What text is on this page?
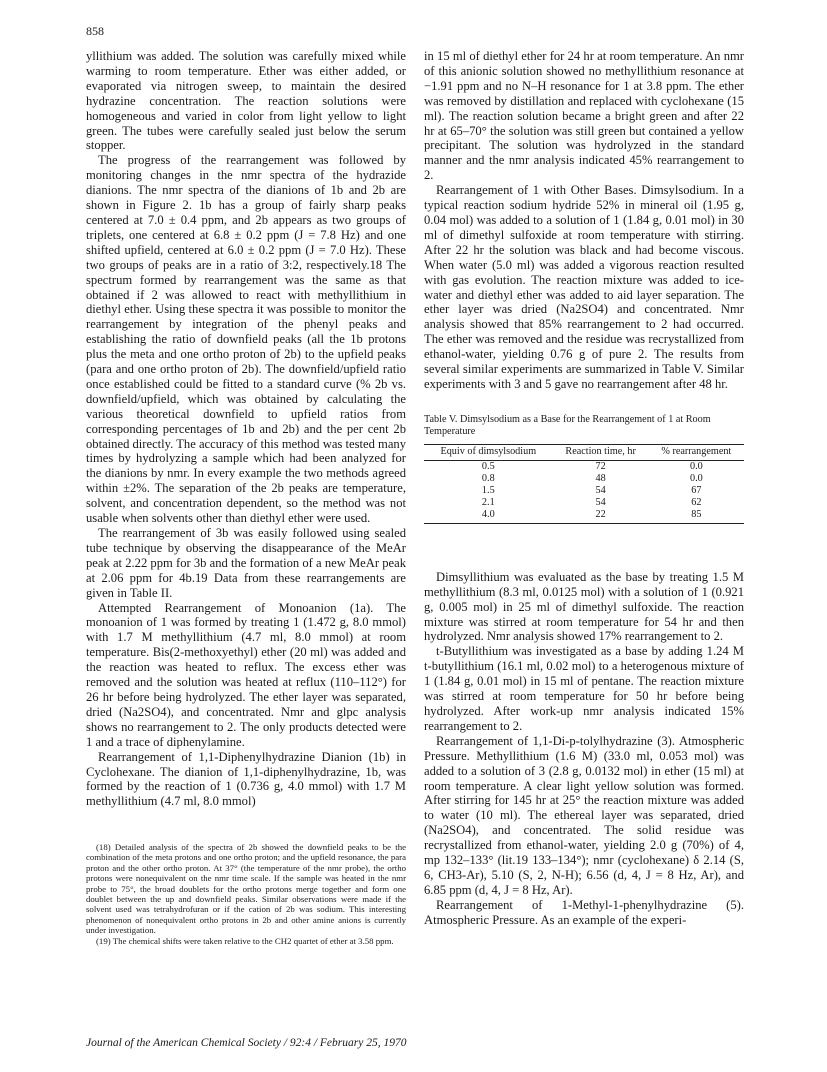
858

yllithium was added. The solution was carefully mixed while warming to room temperature. Ether was either added, or evaporated via nitrogen sweep, to maintain the desired hydrazine concentration. The reaction solutions were homogeneous and varied in color from light yellow to light green. The tubes were carefully sealed just below the serum stopper.

The progress of the rearrangement was followed by monitoring changes in the nmr spectra of the hydrazide dianions. The nmr spectra of the dianions of 1b and 2b are shown in Figure 2. 1b has a group of fairly sharp peaks centered at 7.0 ± 0.4 ppm, and 2b appears as two groups of triplets, one centered at 6.8 ± 0.2 ppm (J = 7.8 Hz) and one shifted upfield, centered at 6.0 ± 0.2 ppm (J = 7.0 Hz). These two groups of peaks are in a ratio of 3:2, respectively.18 The spectrum formed by rearrangement was the same as that obtained if 2 was allowed to react with methyllithium in diethyl ether. Using these spectra it was possible to monitor the rearrangement by integration of the phenyl peaks and establishing the ratio of downfield peaks (all the 1b protons plus the meta and one ortho proton of 2b) to the upfield peaks (para and one ortho proton of 2b). The downfield/upfield ratio once established could be fitted to a standard curve (% 2b vs. downfield/upfield, which was obtained by calculating the various theoretical downfield to upfield ratios from corresponding percentages of 1b and 2b) and the per cent 2b obtained directly. The accuracy of this method was tested many times by hydrolyzing a sample which had been analyzed for the dianions by nmr. In every example the two methods agreed within ±2%. The separation of the 2b peaks are temperature, solvent, and concentration dependent, so the method was not usable when solvents other than diethyl ether were used.

The rearrangement of 3b was easily followed using sealed tube technique by observing the disappearance of the MeAr peak at 2.22 ppm for 3b and the formation of a new MeAr peak at 2.06 ppm for 4b.19 Data from these rearrangements are given in Table II.

Attempted Rearrangement of Monoanion (1a). The monoanion of 1 was formed by treating 1 (1.472 g, 8.0 mmol) with 1.7 M methyllithium (4.7 ml, 8.0 mmol) at room temperature. Bis(2-methoxyethyl) ether (20 ml) was added and the reaction was heated to reflux. The excess ether was removed and the solution was heated at reflux (110–112°) for 26 hr before being hydrolyzed. The ether layer was separated, dried (Na2SO4), and concentrated. Nmr and glpc analysis shows no rearrangement to 2. The only products detected were 1 and a trace of diphenylamine.

Rearrangement of 1,1-Diphenylhydrazine Dianion (1b) in Cyclohexane. The dianion of 1,1-diphenylhydrazine, 1b, was formed by the reaction of 1 (0.736 g, 4.0 mmol) with 1.7 M methyllithium (4.7 ml, 8.0 mmol)

(18) Detailed analysis of the spectra of 2b showed the downfield peaks to be the combination of the meta protons and one ortho proton; and the upfield resonance, the para proton and the other ortho proton. At 37° (the temperature of the nmr probe), the ortho protons were nonequivalent on the nmr time scale. If the sample was heated in the nmr probe to 75°, the broad doublets for the ortho protons merge together and form one doublet between the up and downfield peaks. Similar observations were made if the solvent used was tetrahydrofuran or if the cation of 2b was sodium. This interesting phenomenon of nonequivalent ortho protons in 2b and other amine anions is currently under investigation.

(19) The chemical shifts were taken relative to the CH2 quartet of ether at 3.58 ppm.

in 15 ml of diethyl ether for 24 hr at room temperature. An nmr of this anionic solution showed no methyllithium resonance at −1.91 ppm and no N–H resonance for 1 at 3.8 ppm. The ether was removed by distillation and replaced with cyclohexane (15 ml). The reaction solution became a bright green and after 22 hr at 65–70° the solution was still green but contained a yellow precipitant. The solution was hydrolyzed in the standard manner and the nmr analysis indicated 45% rearrangement to 2.

Rearrangement of 1 with Other Bases. Dimsylsodium. In a typical reaction sodium hydride 52% in mineral oil (1.95 g, 0.04 mol) was added to a solution of 1 (1.84 g, 0.01 mol) in 30 ml of dimethyl sulfoxide at room temperature with stirring. After 22 hr the solution was black and had become viscous. When water (5.0 ml) was added a vigorous reaction resulted with gas evolution. The reaction mixture was added to ice-water and diethyl ether was added to aid layer separation. The ether layer was dried (Na2SO4) and concentrated. Nmr analysis showed that 85% rearrangement to 2 had occurred. The ether was removed and the residue was recrystallized from ethanol-water, yielding 0.76 g of pure 2. The results from several similar experiments are summarized in Table V. Similar experiments with 3 and 5 gave no rearrangement after 48 hr.

Table V. Dimsylsodium as a Base for the Rearrangement of 1 at Room Temperature
Equiv of dimsylsodium	Reaction time, hr	% rearrangement
0.5	72	0.0
0.8	48	0.0
1.5	54	67
2.1	54	62
4.0	22	85

Dimsyllithium was evaluated as the base by treating 1.5 M methyllithium (8.3 ml, 0.0125 mol) with a solution of 1 (0.921 g, 0.005 mol) in 25 ml of dimethyl sulfoxide. The reaction mixture was stirred at room temperature for 54 hr and then hydrolyzed. Nmr analysis showed 17% rearrangement to 2.

t-Butyllithium was investigated as a base by adding 1.24 M t-butyllithium (16.1 ml, 0.02 mol) to a heterogenous mixture of 1 (1.84 g, 0.01 mol) in 15 ml of pentane. The reaction mixture was stirred at room temperature for 50 hr before being hydrolyzed. After work-up nmr analysis indicated 15% rearrangement to 2.

Rearrangement of 1,1-Di-p-tolylhydrazine (3). Atmospheric Pressure. Methyllithium (1.6 M) (33.0 ml, 0.053 mol) was added to a solution of 3 (2.8 g, 0.0132 mol) in ether (15 ml) at room temperature. A clear light yellow solution was formed. After stirring for 145 hr at 25° the reaction mixture was added to water (10 ml). The ethereal layer was separated, dried (Na2SO4), and concentrated. The solid residue was recrystallized from ethanol-water, yielding 2.0 g (70%) of 4, mp 132–133° (lit.19 133–134°); nmr (cyclohexane) δ 2.14 (S, 6, CH3-Ar), 5.10 (S, 2, N-H); 6.56 (d, 4, J = 8 Hz, Ar), and 6.85 ppm (d, 4, J = 8 Hz, Ar).

Rearrangement of 1-Methyl-1-phenylhydrazine (5). Atmospheric Pressure. As an example of the experi-

Journal of the American Chemical Society / 92:4 / February 25, 1970
